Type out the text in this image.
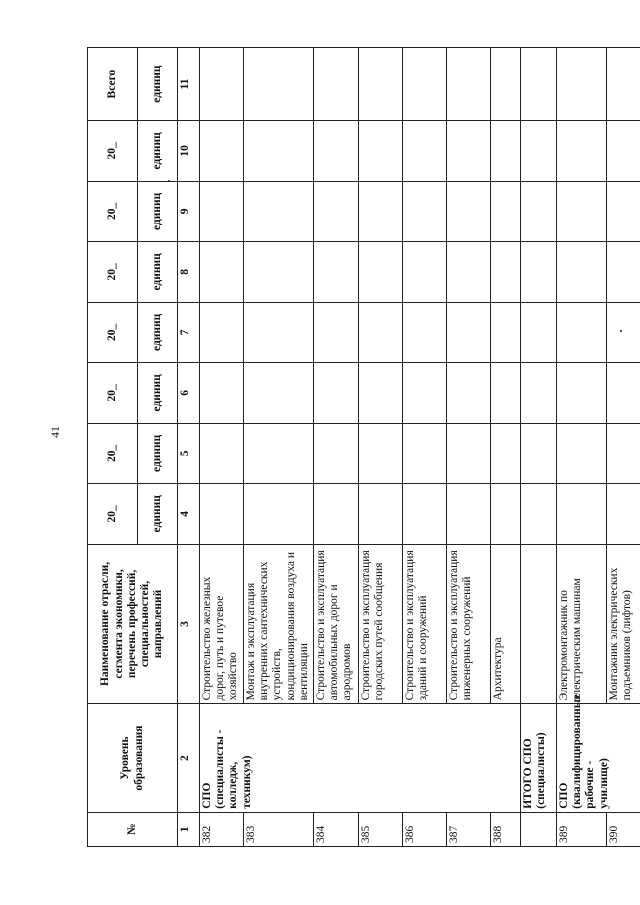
41
№	Уровень образования	Наименование отрасли, сегмента экономики, перечень профессий, специальностей, направлений	20_	20_	20_	20_	20_	20_	20_	Всего
			единиц	единиц	единиц	единиц	единиц	единиц	единиц	единиц
1	2	3	4	5	6	7	8	9	10	11
382	СПО (специалисты - колледж, техникум)	Строительство железных дорог, путь и путевое хозяйство								
383		Монтаж и эксплуатация внутренних сантехнических устройств, кондиционирования воздуха и вентиляции								
384		Строительство и эксплуатация автомобильных дорог и аэродромов								
385		Строительство и эксплуатация городских путей сообщения								
386		Строительство и эксплуатация зданий и сооружений								
387		Строительство и эксплуатация инженерных сооружений								
388		Архитектура								
	ИТОГО СПО (специалисты)									
389	СПО (квалифицированные рабочие - училище)	Электромонтажник по электрическим машинам								
390		Монтажник электрических подъемников (лифтов)								
